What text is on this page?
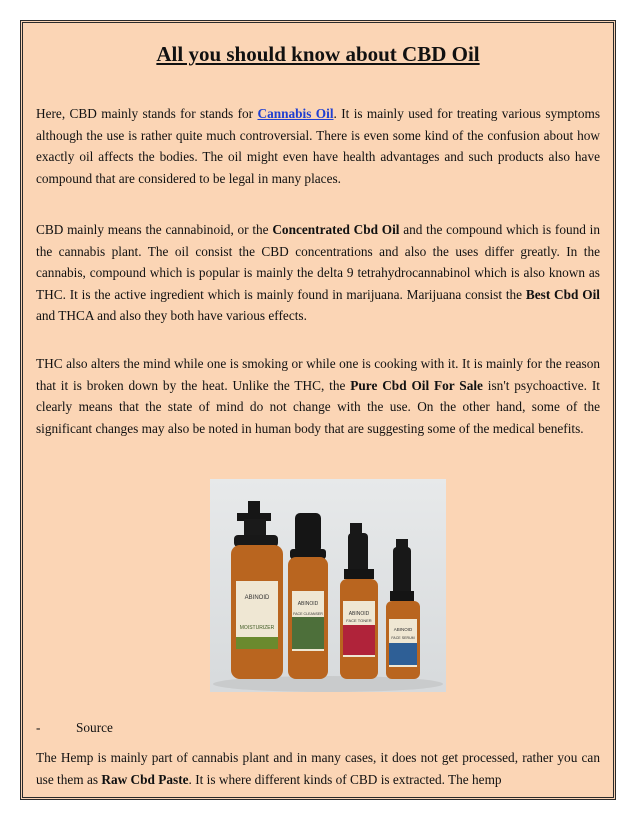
All you should know about CBD Oil

Here, CBD mainly stands for stands for Cannabis Oil. It is mainly used for treating various symptoms although the use is rather quite much controversial. There is even some kind of the confusion about how exactly oil affects the bodies. The oil might even have health advantages and such products also have compound that are considered to be legal in many places.

CBD mainly means the cannabinoid, or the Concentrated Cbd Oil and the compound which is found in the cannabis plant. The oil consist the CBD concentrations and also the uses differ greatly. In the cannabis, compound which is popular is mainly the delta 9 tetrahydrocannabinol which is also known as THC. It is the active ingredient which is mainly found in marijuana. Marijuana consist the Best Cbd Oil and THCA and also they both have various effects.

THC also alters the mind while one is smoking or while one is cooking with it. It is mainly for the reason that it is broken down by the heat. Unlike the THC, the Pure Cbd Oil For Sale isn't psychoactive. It clearly means that the state of mind do not change with the use. On the other hand, some of the significant changes may also be noted in human body that are suggesting some of the medical benefits.

ABINOID
MOISTURIZER
ABINOID
FACE CLEANSER	ABINOID
FACE TONER
ABINOID
FACE SERUM
-	Source

The Hemp is mainly part of cannabis plant and in many cases, it does not get processed, rather you can use them as Raw Cbd Paste. It is where different kinds of CBD is extracted. The hemp
